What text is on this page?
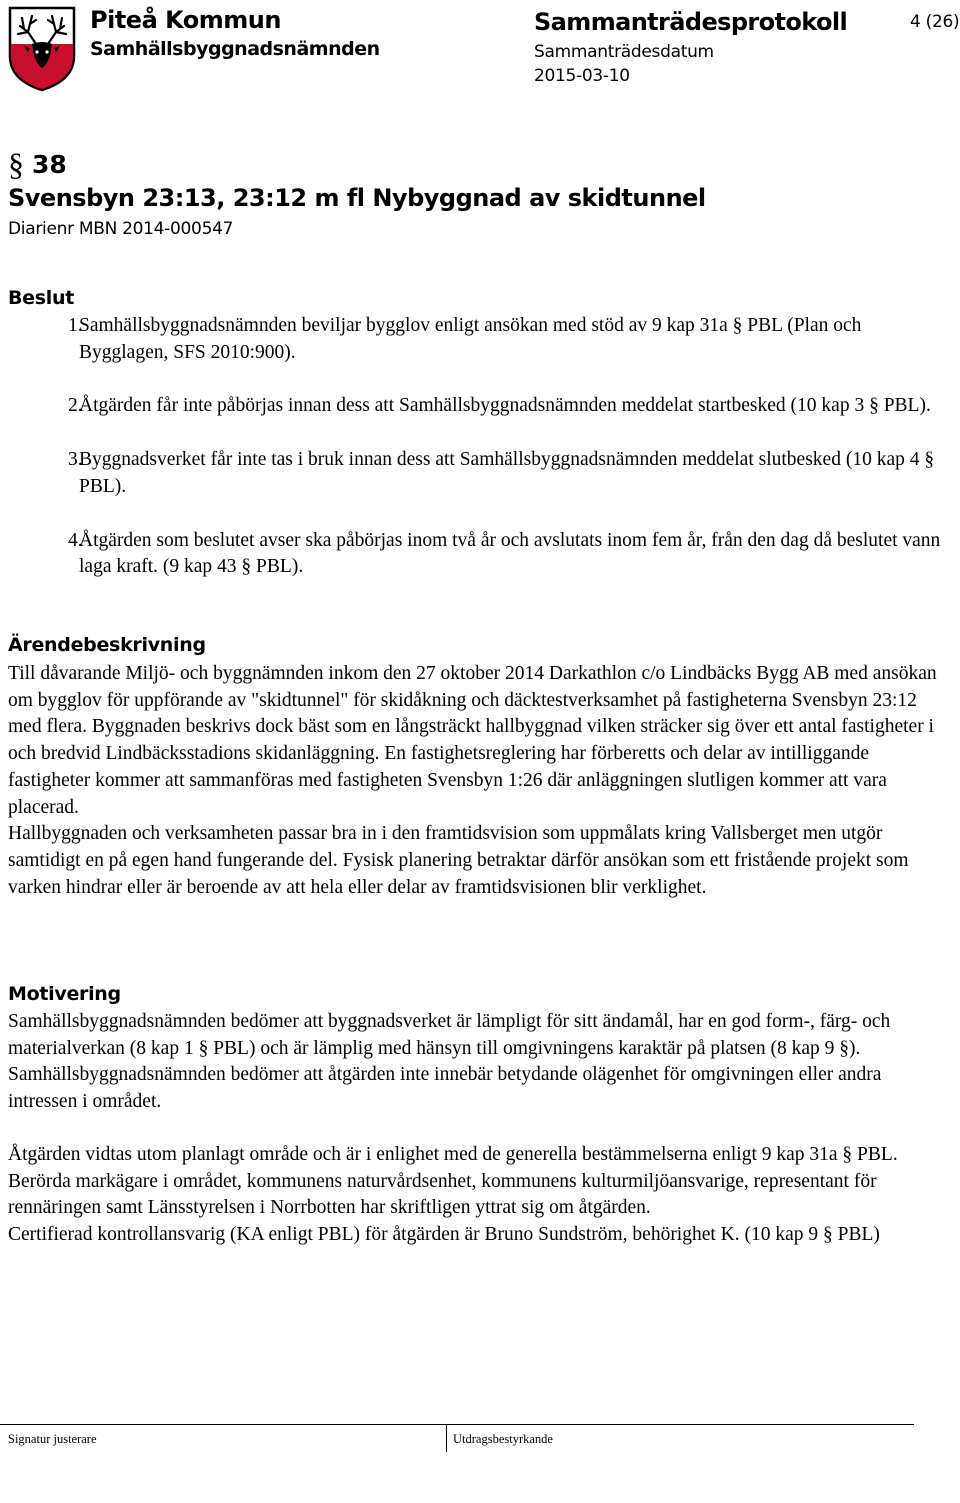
Piteå Kommun
Samhällsbyggnadsnämnden
Sammanträdesprotokoll
Sammanträdesdatum
2015-03-10
4 (26)
§ 38
Svensbyn 23:13, 23:12 m fl Nybyggnad av skidtunnel
Diarienr MBN 2014-000547
Beslut
1.
Samhällsbyggnadsnämnden beviljar bygglov enligt ansökan med stöd av 9 kap 31a § PBL (Plan och Bygglagen, SFS 2010:900).
2.
Åtgärden får inte påbörjas innan dess att Samhällsbyggnadsnämnden meddelat startbesked (10 kap 3 § PBL).
3.
Byggnadsverket får inte tas i bruk innan dess att Samhällsbyggnadsnämnden meddelat slutbesked (10 kap 4 § PBL).
4.
Åtgärden som beslutet avser ska påbörjas inom två år och avslutats inom fem år, från den dag då beslutet vann laga kraft. (9 kap 43 § PBL).
Ärendebeskrivning

Till dåvarande Miljö- och byggnämnden inkom den 27 oktober 2014 Darkathlon c/o Lindbäcks Bygg AB med ansökan om bygglov för uppförande av "skidtunnel" för skidåkning och däcktestverksamhet på fastigheterna Svensbyn 23:12 med flera. Byggnaden beskrivs dock bäst som en långsträckt hallbyggnad vilken sträcker sig över ett antal fastigheter i och bredvid Lindbäcksstadions skidanläggning. En fastighetsreglering har förberetts och delar av intilliggande fastigheter kommer att sammanföras med fastigheten Svensbyn 1:26 där anläggningen slutligen kommer att vara placerad.

Hallbyggnaden och verksamheten passar bra in i den framtidsvision som uppmålats kring Vallsberget men utgör samtidigt en på egen hand fungerande del. Fysisk planering betraktar därför ansökan som ett fristående projekt som varken hindrar eller är beroende av att hela eller delar av framtidsvisionen blir verklighet.

Motivering

Samhällsbyggnadsnämnden bedömer att byggnadsverket är lämpligt för sitt ändamål, har en god form-, färg- och materialverkan (8 kap 1 § PBL) och är lämplig med hänsyn till omgivningens karaktär på platsen (8 kap 9 §). Samhällsbyggnadsnämnden bedömer att åtgärden inte innebär betydande olägenhet för omgivningen eller andra intressen i området.

Åtgärden vidtas utom planlagt område och är i enlighet med de generella bestämmelserna enligt 9 kap 31a § PBL.

Berörda markägare i området, kommunens naturvårdsenhet, kommunens kulturmiljöansvarige, representant för rennäringen samt Länsstyrelsen i Norrbotten har skriftligen yttrat sig om åtgärden.

Certifierad kontrollansvarig (KA enligt PBL) för åtgärden är Bruno Sundström, behörighet K. (10 kap 9 § PBL)

Signatur justerare	Utdragsbestyrkande
